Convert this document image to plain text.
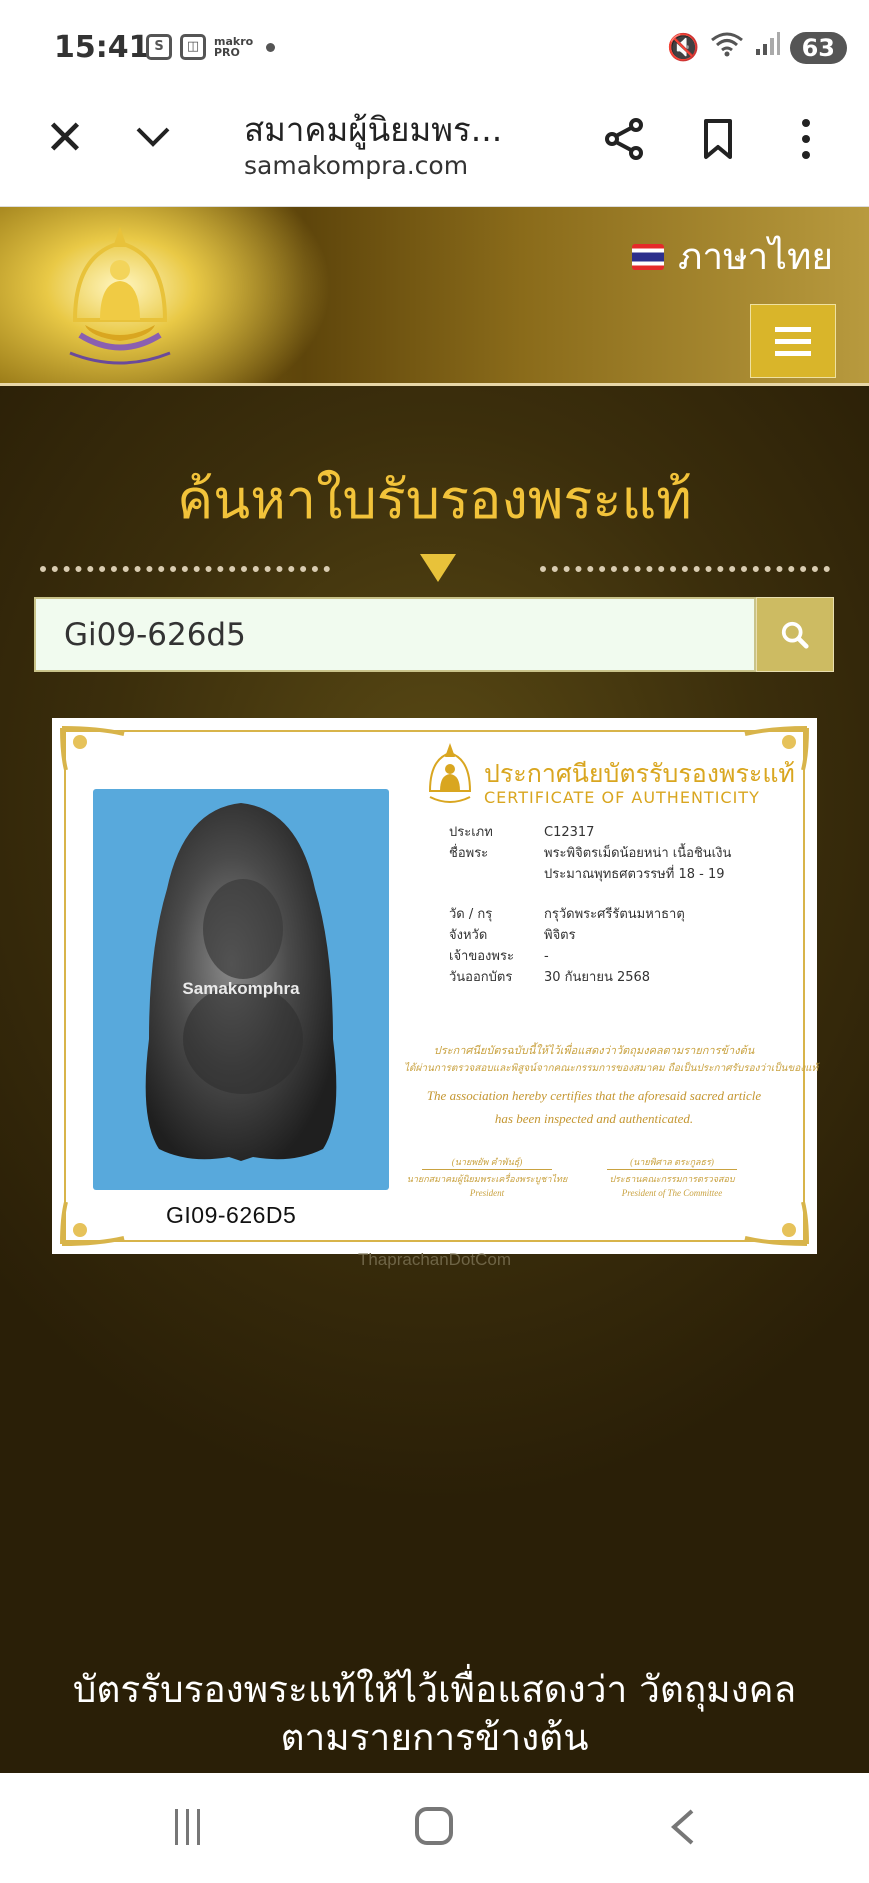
15:41 S	◫	makro PRO	🔇	63
✕	สมาคมผู้นิยมพร...
samakompra.com
ภาษาไทย
ค้นหาใบรับรองพระแท้
Gi09-626d5
Samakomphra
GI09-626D5
ประกาศนียบัตรรับรองพระแท้
CERTIFICATE OF AUTHENTICITY
ประเภท	C12317
ชื่อพระ	พระพิจิตรเม็ดน้อยหน่า เนื้อชินเงิน
ประมาณพุทธศตวรรษที่ 18 - 19
วัด / กรุ	กรุวัดพระศรีรัตนมหาธาตุ
จังหวัด	พิจิตร
เจ้าของพระ	-
วันออกบัตร	30 กันยายน 2568
ประกาศนียบัตรฉบับนี้ให้ไว้เพื่อแสดงว่าวัตถุมงคลตามรายการข้างต้น
ได้ผ่านการตรวจสอบและพิสูจน์จากคณะกรรมการของสมาคม ถือเป็นประกาศรับรองว่าเป็นของแท้
The association hereby certifies that the aforesaid sacred article
has been inspected and authenticated.
(นายพยัพ คำพันธุ์)
นายกสมาคมผู้นิยมพระเครื่องพระบูชาไทย
President
(นายพิศาล ตระกูลธร)
ประธานคณะกรรมการตรวจสอบ
President of The Committee
ThaprachanDotCom
บัตรรับรองพระแท้ให้ไว้เพื่อแสดงว่า วัตถุมงคล
ตามรายการข้างต้น
